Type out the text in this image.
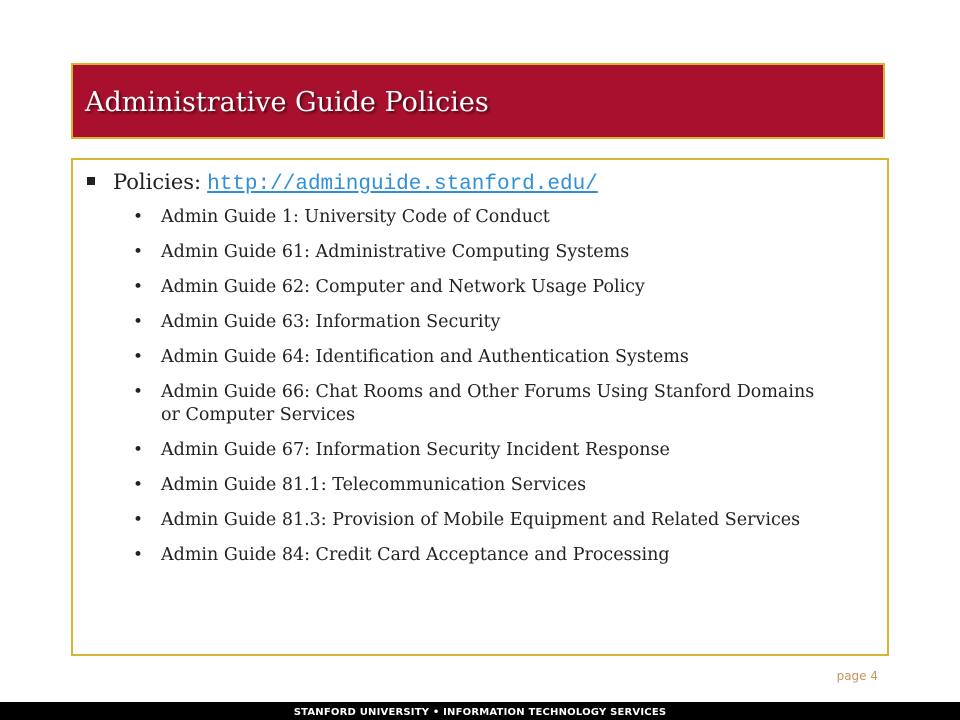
Administrative Guide Policies
Policies: http://adminguide.stanford.edu/
• Admin Guide 1: University Code of Conduct
• Admin Guide 61: Administrative Computing Systems
• Admin Guide 62: Computer and Network Usage Policy
• Admin Guide 63: Information Security
• Admin Guide 64: Identification and Authentication Systems
• Admin Guide 66: Chat Rooms and Other Forums Using Stanford Domains or Computer Services
• Admin Guide 67: Information Security Incident Response
• Admin Guide 81.1: Telecommunication Services
• Admin Guide 81.3: Provision of Mobile Equipment and Related Services
• Admin Guide 84: Credit Card Acceptance and Processing
page 4
STANFORD UNIVERSITY • INFORMATION TECHNOLOGY SERVICES
